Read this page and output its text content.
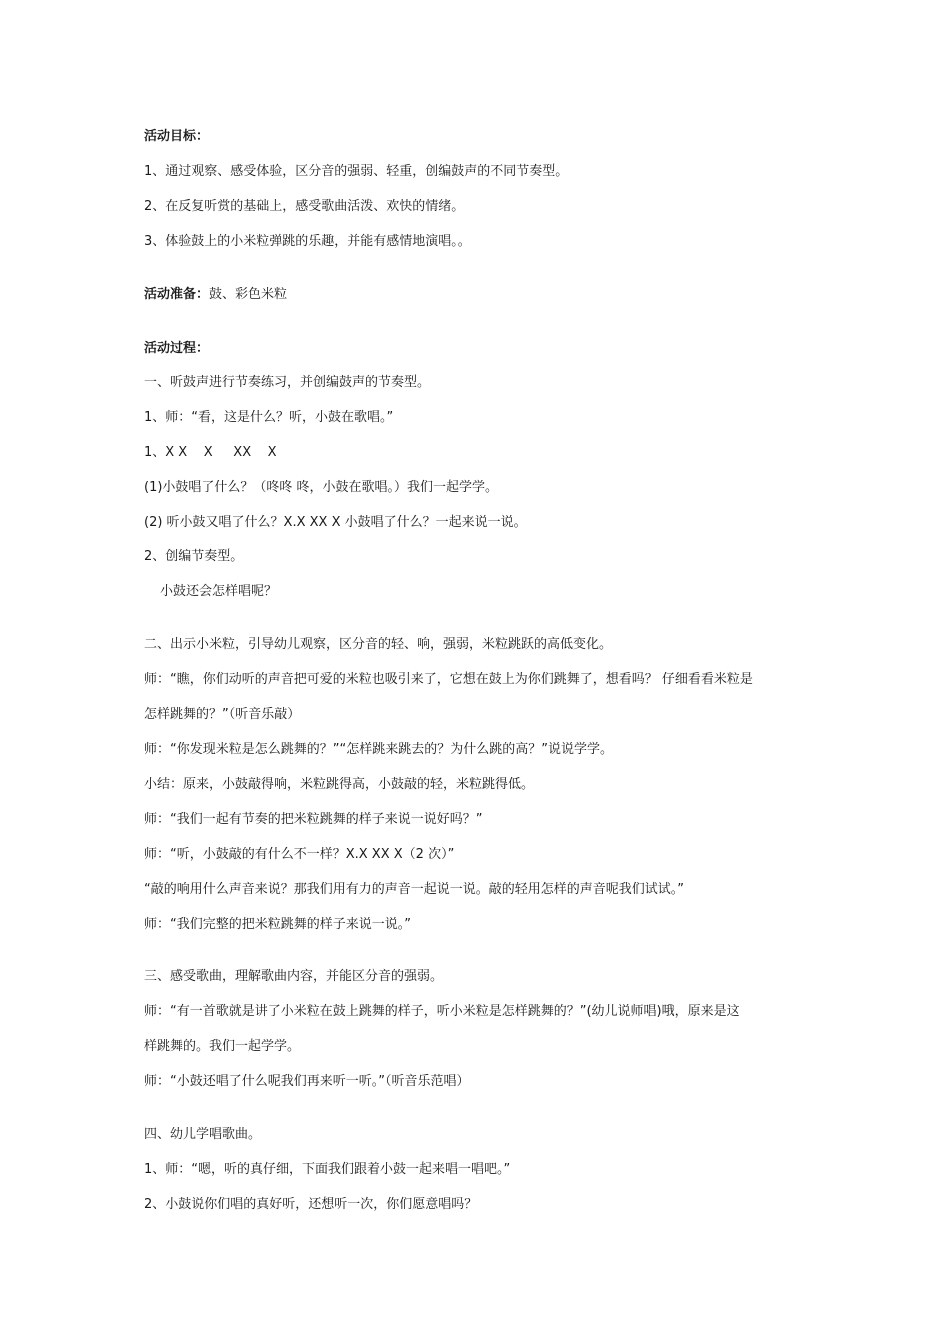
活动目标：
1、通过观察、感受体验，区分音的强弱、轻重，创编鼓声的不同节奏型。
2、在反复听赏的基础上，感受歌曲活泼、欢快的情绪。
3、体验鼓上的小米粒弹跳的乐趣，并能有感情地演唱。。
活动准备：鼓、彩色米粒
活动过程：
一、听鼓声进行节奏练习，并创编鼓声的节奏型。
1、师：“看，这是什么？听，小鼓在歌唱。”
1、X X    X     XX    X
(1)小鼓唱了什么？（咚咚 咚，小鼓在歌唱。）我们一起学学。
(2) 听小鼓又唱了什么？X.X XX X 小鼓唱了什么？一起来说一说。
2、创编节奏型。
小鼓还会怎样唱呢？
二、出示小米粒，引导幼儿观察，区分音的轻、响，强弱，米粒跳跃的高低变化。
师：“瞧，你们动听的声音把可爱的米粒也吸引来了，它想在鼓上为你们跳舞了，想看吗？ 仔细看看米粒是
怎样跳舞的？”（听音乐敲）
师：“你发现米粒是怎么跳舞的？”“怎样跳来跳去的？为什么跳的高？”说说学学。
小结：原来，小鼓敲得响，米粒跳得高，小鼓敲的轻，米粒跳得低。
师：“我们一起有节奏的把米粒跳舞的样子来说一说好吗？”
师：“听，小鼓敲的有什么不一样？X.X XX X（2 次）”
“敲的响用什么声音来说？那我们用有力的声音一起说一说。敲的轻用怎样的声音呢我们试试。”
师：“我们完整的把米粒跳舞的样子来说一说。”
三、感受歌曲，理解歌曲内容，并能区分音的强弱。
师：“有一首歌就是讲了小米粒在鼓上跳舞的样子，听小米粒是怎样跳舞的？”(幼儿说师唱)哦，原来是这
样跳舞的。我们一起学学。
师：“小鼓还唱了什么呢我们再来听一听。”（听音乐范唱）
四、幼儿学唱歌曲。
1、师：“嗯，听的真仔细，下面我们跟着小鼓一起来唱一唱吧。”
2、小鼓说你们唱的真好听，还想听一次，你们愿意唱吗？
